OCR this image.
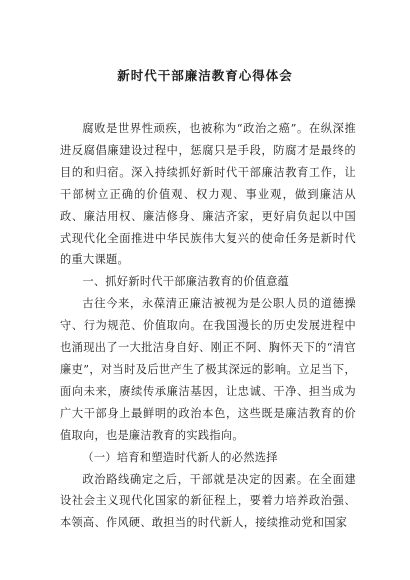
新时代干部廉洁教育心得体会

腐败是世界性顽疾，也被称为“政治之癌”。在纵深推进反腐倡廉建设过程中，惩腐只是手段，防腐才是最终的目的和归宿。深入持续抓好新时代干部廉洁教育工作，让干部树立正确的价值观、权力观、事业观，做到廉洁从政、廉洁用权、廉洁修身、廉洁齐家，更好肩负起以中国式现代化全面推进中华民族伟大复兴的使命任务是新时代的重大课题。

一、抓好新时代干部廉洁教育的价值意蕴

古往今来，永葆清正廉洁被视为是公职人员的道德操守、行为规范、价值取向。在我国漫长的历史发展进程中也涌现出了一大批洁身自好、刚正不阿、胸怀天下的“清官廉吏”，对当时及后世产生了极其深远的影响。立足当下，面向未来，赓续传承廉洁基因，让忠诚、干净、担当成为广大干部身上最鲜明的政治本色，这些既是廉洁教育的价值取向，也是廉洁教育的实践指向。

（一）培育和塑造时代新人的必然选择

政治路线确定之后，干部就是决定的因素。在全面建设社会主义现代化国家的新征程上，要着力培养政治强、本领高、作风硬、敢担当的时代新人，接续推动党和国家
